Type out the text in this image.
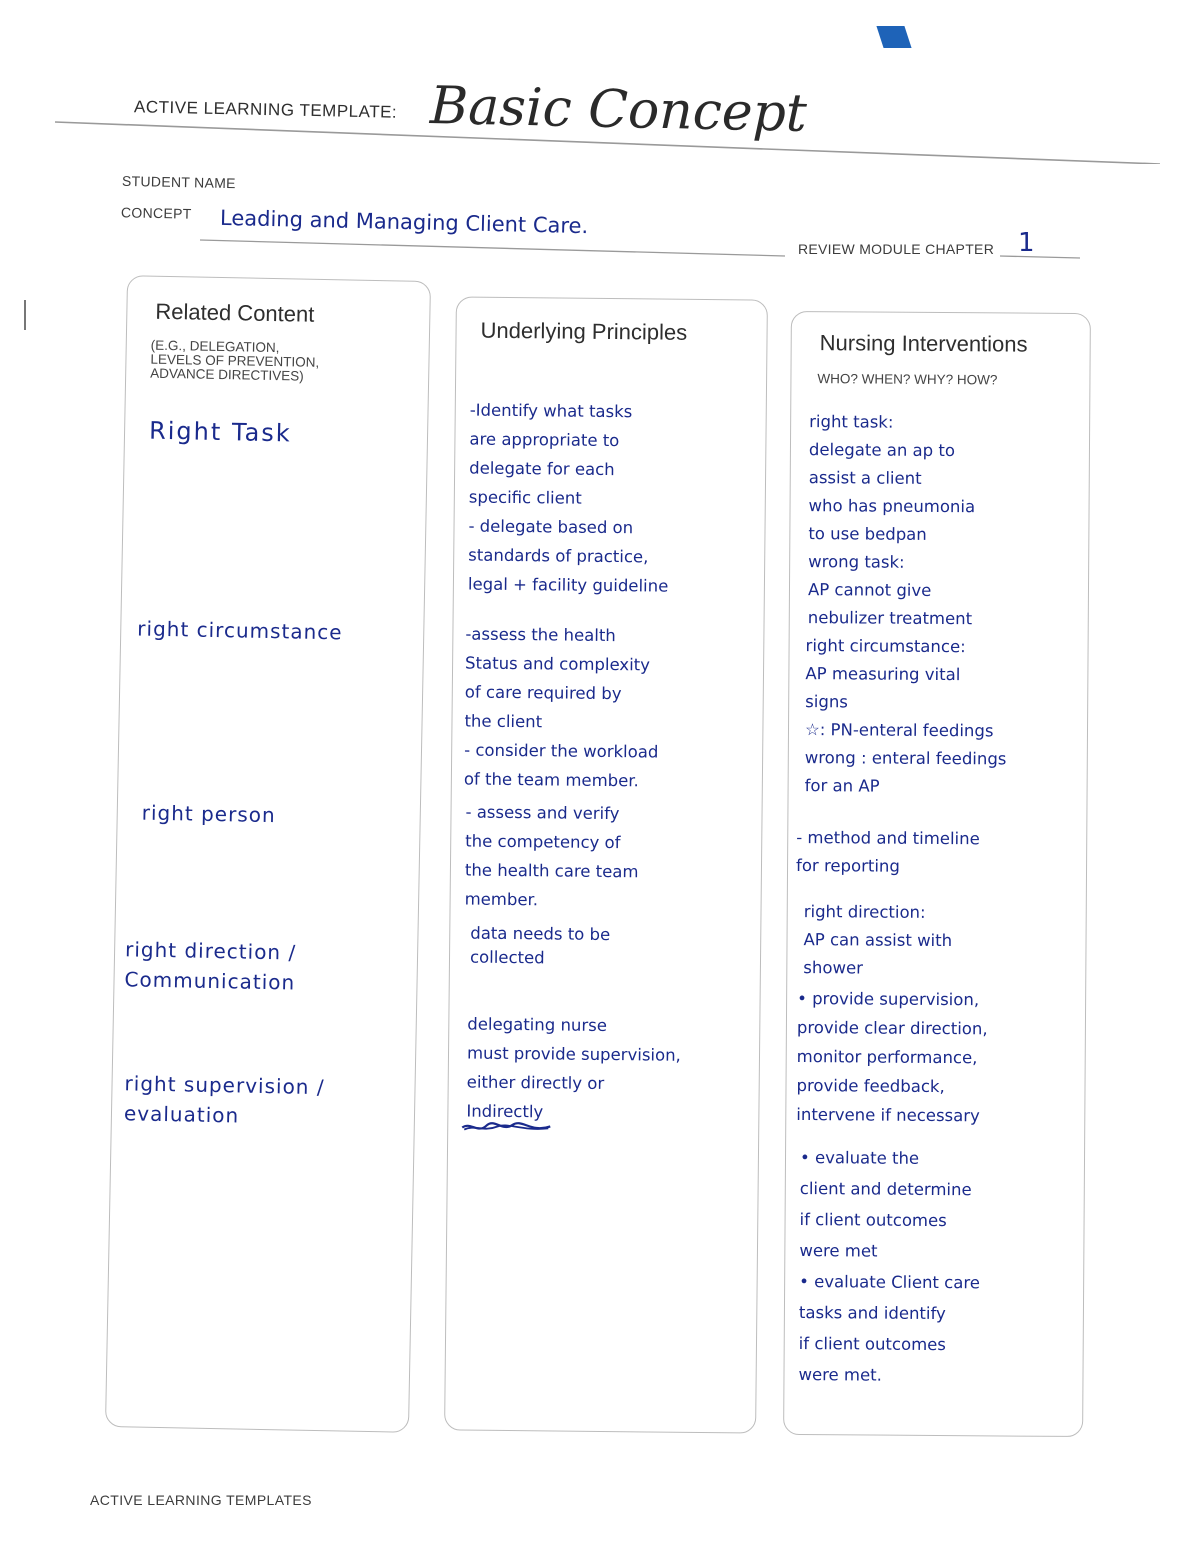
ACTIVE LEARNING TEMPLATE: Basic Concept
STUDENT NAME
CONCEPT Leading and Managing Client Care.
REVIEW MODULE CHAPTER 1
Related Content
(E.G., DELEGATION,
LEVELS OF PREVENTION,
ADVANCE DIRECTIVES)
Right Task
right circumstance
right person
right direction /
Communication
right supervision /
evaluation
Underlying Principles
-Identify what tasks
are appropriate to
delegate for each
specific client
- delegate based on
standards of practice,
legal + facility guideline
-assess the health
Status and complexity
of care required by
the client
- consider the workload
of the team member.
- assess and verify
the competency of
the health care team
member.
data needs to be
collected
delegating nurse
must provide supervision,
either directly or
Indirectly
Nursing Interventions
WHO? WHEN? WHY? HOW?
right task:
delegate an ap to
assist a client
who has pneumonia
to use bedpan
wrong task:
AP cannot give
nebulizer treatment
right circumstance:
AP measuring vital
signs
☆: PN-enteral feedings
wrong : enteral feedings
for an AP
- method and timeline
for reporting
right direction:
AP can assist with
shower
• provide supervision,
provide clear direction,
monitor performance,
provide feedback,
intervene if necessary
• evaluate the
client and determine
if client outcomes
were met
• evaluate Client care
tasks and identify
if client outcomes
were met.
ACTIVE LEARNING TEMPLATES
